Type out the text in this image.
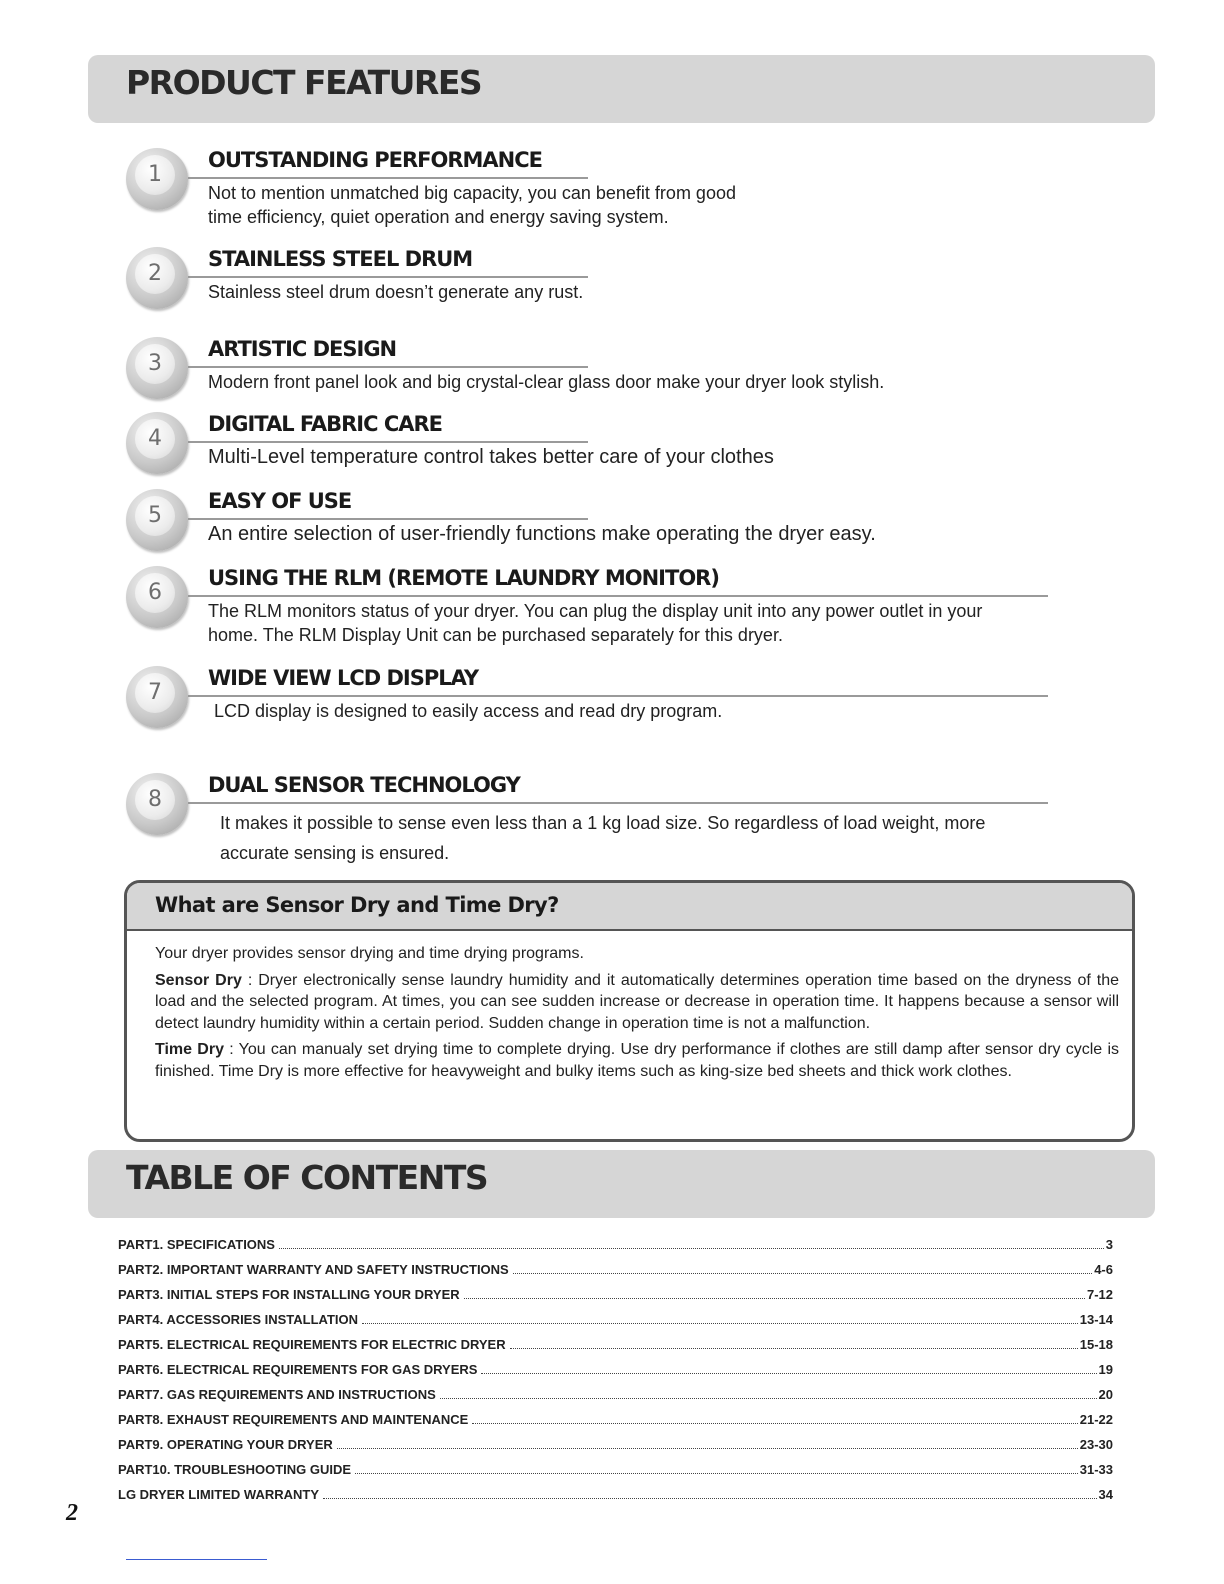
PRODUCT FEATURES
1
OUTSTANDING PERFORMANCE

Not to mention unmatched big capacity, you can benefit from good
time efficiency, quiet operation and energy saving system.

2
STAINLESS STEEL DRUM

Stainless steel drum doesn’t generate any rust.

3
ARTISTIC DESIGN

Modern front panel look and big crystal-clear glass door make your dryer look stylish.

4
DIGITAL FABRIC CARE

Multi-Level temperature control takes better care of your clothes

5
EASY OF USE

An entire selection of user-friendly functions make operating the dryer easy.

6
USING THE RLM (REMOTE LAUNDRY MONITOR)

The RLM monitors status of your dryer. You can plug the display unit into any power outlet in your
home. The RLM Display Unit can be purchased separately for this dryer.

7
WIDE VIEW LCD DISPLAY

LCD display is designed to easily access and read dry program.

8
DUAL SENSOR TECHNOLOGY

It makes it possible to sense even less than a 1 kg load size. So regardless of load weight, more
accurate sensing is ensured.

What are Sensor Dry and Time Dry?

Your dryer provides sensor drying and time drying programs.

Sensor Dry : Dryer electronically sense laundry humidity and it automatically determines operation time based on the dryness of the load and the selected program. At times, you can see sudden increase or decrease in operation time. It happens because a sensor will detect laundry humidity within a certain period. Sudden change in operation time is not a malfunction.

Time Dry : You can manualy set drying time to complete drying. Use dry performance if clothes are still damp after sensor dry cycle is finished. Time Dry is more effective for heavyweight and bulky items such as king-size bed sheets and thick work clothes.

TABLE OF CONTENTS
PART1. SPECIFICATIONS	3
PART2. IMPORTANT WARRANTY AND SAFETY INSTRUCTIONS	4-6
PART3. INITIAL STEPS FOR INSTALLING YOUR DRYER	7-12
PART4. ACCESSORIES INSTALLATION	13-14
PART5. ELECTRICAL REQUIREMENTS FOR ELECTRIC DRYER	15-18
PART6. ELECTRICAL REQUIREMENTS FOR GAS DRYERS	19
PART7. GAS REQUIREMENTS AND INSTRUCTIONS	20
PART8. EXHAUST REQUIREMENTS AND MAINTENANCE	21-22
PART9. OPERATING YOUR DRYER	23-30
PART10. TROUBLESHOOTING GUIDE	31-33
LG DRYER LIMITED WARRANTY	34
2
